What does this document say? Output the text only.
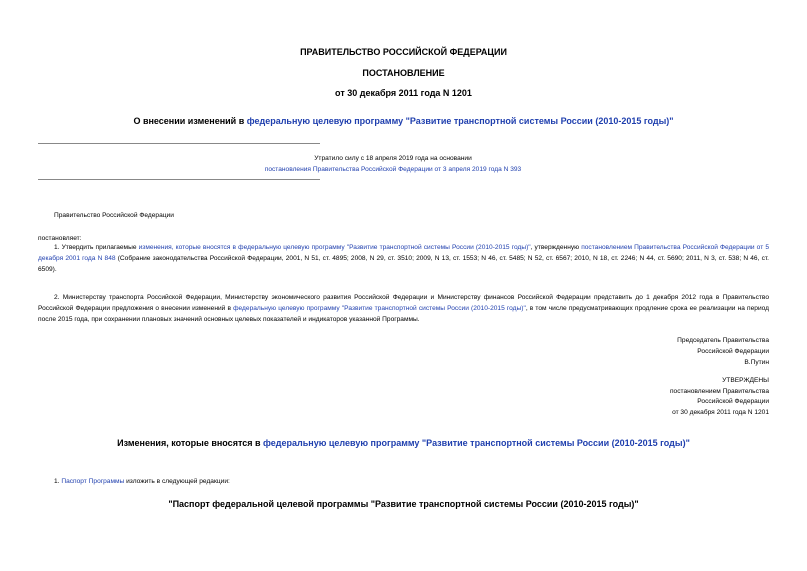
ПРАВИТЕЛЬСТВО РОССИЙСКОЙ ФЕДЕРАЦИИ
ПОСТАНОВЛЕНИЕ
от 30 декабря 2011 года N 1201
О внесении изменений в федеральную целевую программу "Развитие транспортной системы России (2010-2015 годы)"
Утратило силу с 18 апреля 2019 года на основании
постановления Правительства Российской Федерации от 3 апреля 2019 года N 393
Правительство Российской Федерации
постановляет:
1. Утвердить прилагаемые изменения, которые вносятся в федеральную целевую программу "Развитие транспортной системы России (2010-2015 годы)", утвержденную постановлением Правительства Российской Федерации от 5 декабря 2001 года N 848 (Собрание законодательства Российской Федерации, 2001, N 51, ст. 4895; 2008, N 29, ст. 3510; 2009, N 13, ст. 1553; N 46, ст. 5485; N 52, ст. 6567; 2010, N 18, ст. 2246; N 44, ст. 5690; 2011, N 3, ст. 538; N 46, ст. 6509).
2. Министерству транспорта Российской Федерации, Министерству экономического развития Российской Федерации и Министерству финансов Российской Федерации представить до 1 декабря 2012 года в Правительство Российской Федерации предложения о внесении изменений в федеральную целевую программу "Развитие транспортной системы России (2010-2015 годы)", в том числе предусматривающих продление срока ее реализации на период после 2015 года, при сохранении плановых значений основных целевых показателей и индикаторов указанной Программы.
Председатель Правительства
Российской Федерации
В.Путин
УТВЕРЖДЕНЫ
постановлением Правительства
Российской Федерации
от 30 декабря 2011 года N 1201
Изменения, которые вносятся в федеральную целевую программу "Развитие транспортной системы России (2010-2015 годы)"
1. Паспорт Программы изложить в следующей редакции:
"Паспорт федеральной целевой программы "Развитие транспортной системы России (2010-2015 годы)"
